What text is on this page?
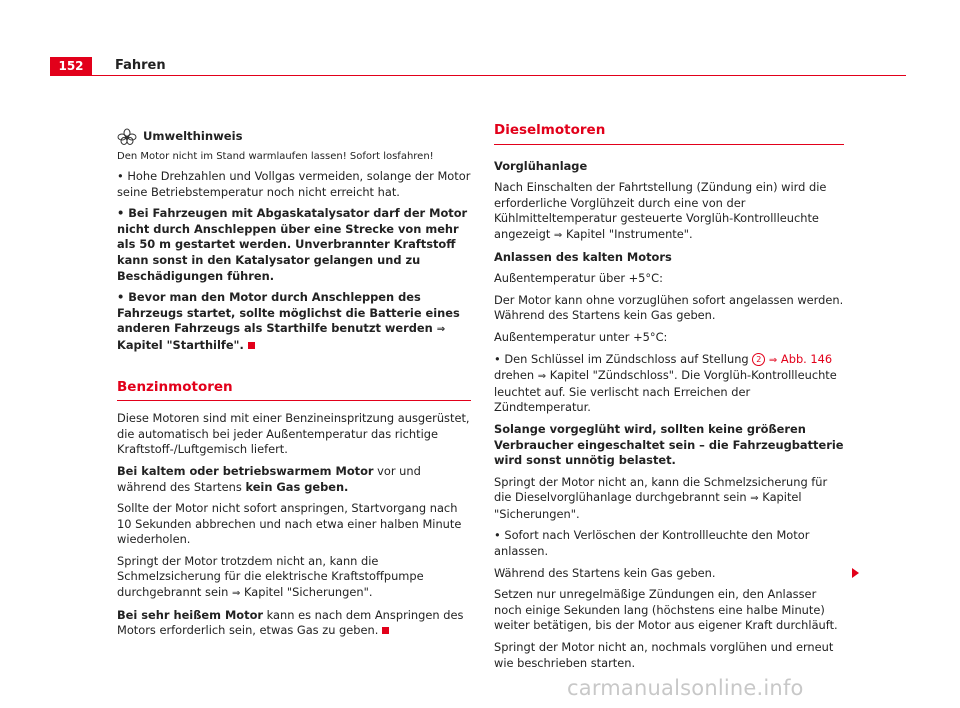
152	Fahren
Umwelthinweis

Den Motor nicht im Stand warmlaufen lassen! Sofort losfahren!

• Hohe Drehzahlen und Vollgas vermeiden, solange der Motor seine Betriebstemperatur noch nicht erreicht hat.

• Bei Fahrzeugen mit Abgaskatalysator darf der Motor nicht durch Anschleppen über eine Strecke von mehr als 50 m gestartet werden. Unverbrannter Kraftstoff kann sonst in den Katalysator gelangen und zu Beschädigungen führen.

• Bevor man den Motor durch Anschleppen des Fahrzeugs startet, sollte möglichst die Batterie eines anderen Fahrzeugs als Starthilfe benutzt werden ⇒ Kapitel "Starthilfe".

Benzinmotoren

Diese Motoren sind mit einer Benzineinspritzung ausgerüstet, die automatisch bei jeder Außentemperatur das richtige Kraftstoff-/Luftgemisch liefert.

Bei kaltem oder betriebswarmem Motor vor und während des Startens kein Gas geben.

Sollte der Motor nicht sofort anspringen, Startvorgang nach 10 Sekunden abbrechen und nach etwa einer halben Minute wiederholen.

Springt der Motor trotzdem nicht an, kann die Schmelzsicherung für die elektrische Kraftstoffpumpe durchgebrannt sein ⇒ Kapitel "Sicherungen".

Bei sehr heißem Motor kann es nach dem Anspringen des Motors erforderlich sein, etwas Gas zu geben.

Dieselmotoren

Vorglühanlage

Nach Einschalten der Fahrtstellung (Zündung ein) wird die erforderliche Vorglühzeit durch eine von der Kühlmitteltemperatur gesteuerte Vorglüh-Kontrollleuchte angezeigt ⇒ Kapitel "Instrumente".

Anlassen des kalten Motors

Außentemperatur über +5°C:

Der Motor kann ohne vorzuglühen sofort angelassen werden. Während des Startens kein Gas geben.

Außentemperatur unter +5°C:

• Den Schlüssel im Zündschloss auf Stellung 2 ⇒ Abb. 146 drehen ⇒ Kapitel "Zündschloss". Die Vorglüh-Kontrollleuchte leuchtet auf. Sie verlischt nach Erreichen der Zündtemperatur.

Solange vorgeglüht wird, sollten keine größeren Verbraucher eingeschaltet sein – die Fahrzeugbatterie wird sonst unnötig belastet.

Springt der Motor nicht an, kann die Schmelzsicherung für die Dieselvorglühanlage durchgebrannt sein ⇒ Kapitel "Sicherungen".

• Sofort nach Verlöschen der Kontrollleuchte den Motor anlassen.

Während des Startens kein Gas geben.

Setzen nur unregelmäßige Zündungen ein, den Anlasser noch einige Sekunden lang (höchstens eine halbe Minute) weiter betätigen, bis der Motor aus eigener Kraft durchläuft.

Springt der Motor nicht an, nochmals vorglühen und erneut wie beschrieben starten.

carmanualsonline.info
